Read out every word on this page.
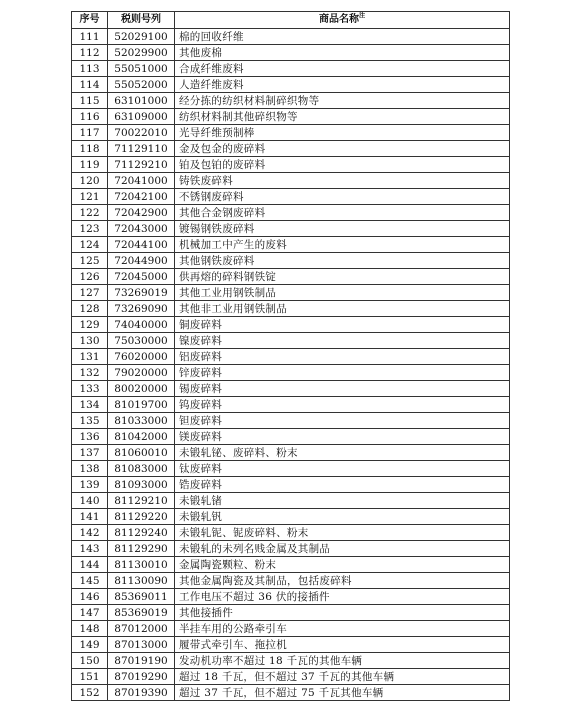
序号	税则号列	商品名称$^注$
111	52029100	棉的回收纤维
112	52029900	其他废棉
113	55051000	合成纤维废料
114	55052000	人造纤维废料
115	63101000	经分拣的纺织材料制碎织物等
116	63109000	纺织材料制其他碎织物等
117	70022010	光导纤维预制棒
118	71129110	金及包金的废碎料
119	71129210	铂及包铂的废碎料
120	72041000	铸铁废碎料
121	72042100	不锈钢废碎料
122	72042900	其他合金钢废碎料
123	72043000	镀锡钢铁废碎料
124	72044100	机械加工中产生的废料
125	72044900	其他钢铁废碎料
126	72045000	供再熔的碎料钢铁锭
127	73269019	其他工业用钢铁制品
128	73269090	其他非工业用钢铁制品
129	74040000	铜废碎料
130	75030000	镍废碎料
131	76020000	铝废碎料
132	79020000	锌废碎料
133	80020000	锡废碎料
134	81019700	钨废碎料
135	81033000	钽废碎料
136	81042000	镁废碎料
137	81060010	未锻轧铋、废碎料、粉末
138	81083000	钛废碎料
139	81093000	锆废碎料
140	81129210	未锻轧锗
141	81129220	未锻轧钒
142	81129240	未锻轧铌、铌废碎料、粉末
143	81129290	未锻轧的未列名贱金属及其制品
144	81130010	金属陶瓷颗粒、粉末
145	81130090	其他金属陶瓷及其制品，包括废碎料
146	85369011	工作电压不超过 36 伏的接插件
147	85369019	其他接插件
148	87012000	半挂车用的公路牵引车
149	87013000	履带式牵引车、拖拉机
150	87019190	发动机功率不超过 18 千瓦的其他车辆
151	87019290	超过 18 千瓦，但不超过 37 千瓦的其他车辆
152	87019390	超过 37 千瓦，但不超过 75 千瓦其他车辆
